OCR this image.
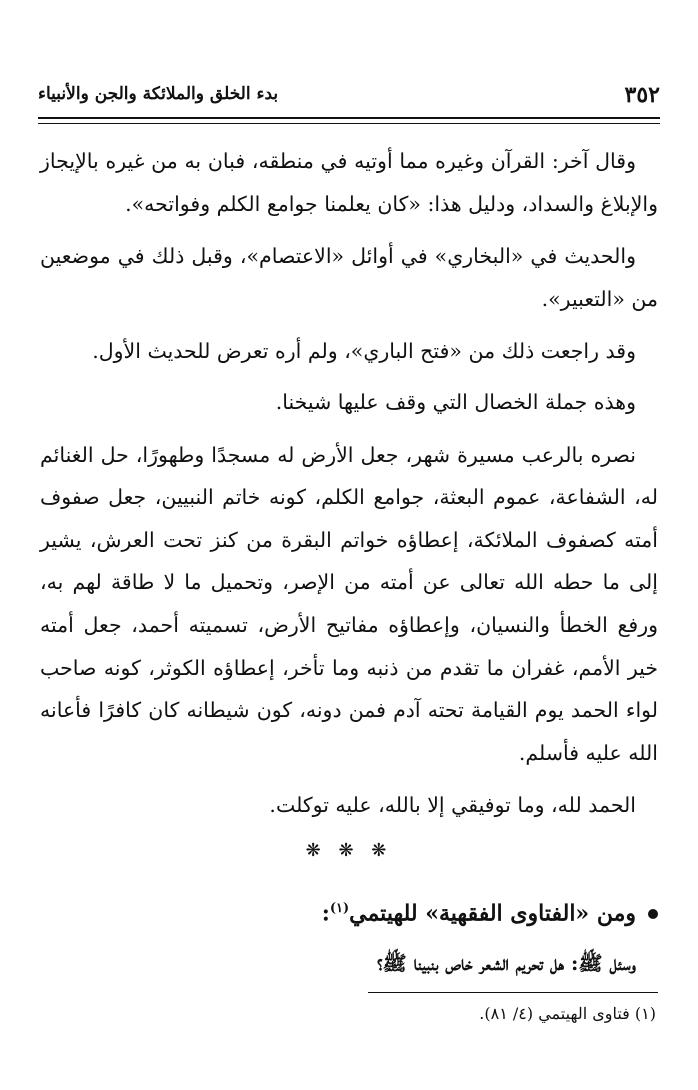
٣٥٢
بدء الخلق والملائكة والجن والأنبياء

وقال آخر: القرآن وغيره مما أوتيه في منطقه، فبان به من غيره بالإيجاز والإبلاغ والسداد، ودليل هذا: «كان يعلمنا جوامع الكلم وفواتحه».

والحديث في «البخاري» في أوائل «الاعتصام»، وقبل ذلك في موضعين من «التعبير».

وقد راجعت ذلك من «فتح الباري»، ولم أره تعرض للحديث الأول.

وهذه جملة الخصال التي وقف عليها شيخنا.

نصره بالرعب مسيرة شهر، جعل الأرض له مسجدًا وطهورًا، حل الغنائم له، الشفاعة، عموم البعثة، جوامع الكلم، كونه خاتم النبيين، جعل صفوف أمته كصفوف الملائكة، إعطاؤه خواتم البقرة من كنز تحت العرش، يشير إلى ما حطه الله تعالى عن أمته من الإصر، وتحميل ما لا طاقة لهم به، ورفع الخطأ والنسيان، وإعطاؤه مفاتيح الأرض، تسميته أحمد، جعل أمته خير الأمم، غفران ما تقدم من ذنبه وما تأخر، إعطاؤه الكوثر، كونه صاحب لواء الحمد يوم القيامة تحته آدم فمن دونه، كون شيطانه كان كافرًا فأعانه الله عليه فأسلم.

الحمد لله، وما توفيقي إلا بالله، عليه توكلت.

❋ ❋ ❋
ومن «الفتاوى الفقهية» للهيتمي$^{(١)}$:

وسئل ﷺ: هل تحريم الشعر خاص بنبينا ﷺ؟

(١) فتاوى الهيتمي (٤/ ٨١).
